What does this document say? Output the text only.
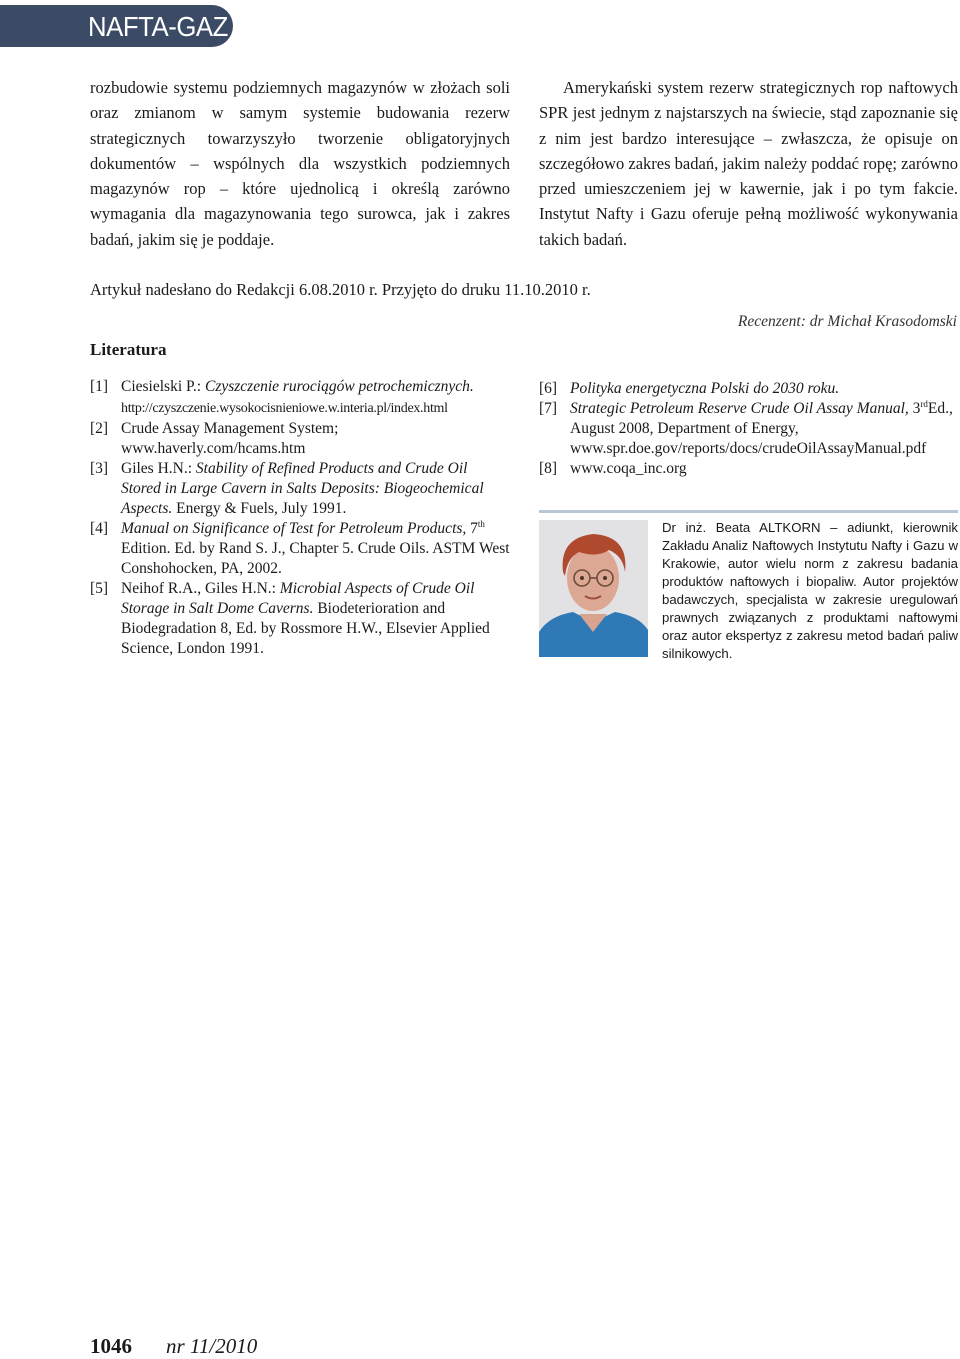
NAFTA-GAZ
rozbudowie systemu podziemnych magazynów w złożach soli oraz zmianom w samym systemie budowania rezerw strategicznych towarzyszyło tworzenie obligatoryjnych dokumentów – wspólnych dla wszystkich podziemnych magazynów rop – które ujednolicą i określą zarówno wymagania dla magazynowania tego surowca, jak i zakres badań, jakim się je poddaje.
Amerykański system rezerw strategicznych rop naftowych SPR jest jednym z najstarszych na świecie, stąd zapoznanie się z nim jest bardzo interesujące – zwłaszcza, że opisuje on szczegółowo zakres badań, jakim należy poddać ropę; zarówno przed umieszczeniem jej w kawernie, jak i po tym fakcie. Instytut Nafty i Gazu oferuje pełną możliwość wykonywania takich badań.
Artykuł nadesłano do Redakcji 6.08.2010 r. Przyjęto do druku 11.10.2010 r.
Recenzent: dr Michał Krasodomski
Literatura
[1] Ciesielski P.: Czyszczenie rurociągów petrochemicznych. http://czyszczenie.wysokocisnieniowe.w.interia.pl/index.html
[2] Crude Assay Management System; www.haverly.com/hcams.htm
[3] Giles H.N.: Stability of Refined Products and Crude Oil Stored in Large Cavern in Salts Deposits: Biogeochemical Aspects. Energy & Fuels, July 1991.
[4] Manual on Significance of Test for Petroleum Products, 7th Edition. Ed. by Rand S. J., Chapter 5. Crude Oils. ASTM West Conshohocken, PA, 2002.
[5] Neihof R.A., Giles H.N.: Microbial Aspects of Crude Oil Storage in Salt Dome Caverns. Biodeterioration and Biodegradation 8, Ed. by Rossmore H.W., Elsevier Applied Science, London 1991.
[6] Polityka energetyczna Polski do 2030 roku.
[7] Strategic Petroleum Reserve Crude Oil Assay Manual, 3rdEd., August 2008, Department of Energy, www.spr.doe.gov/reports/docs/crudeOilAssayManual.pdf
[8] www.coqa_inc.org
Dr inż. Beata ALTKORN – adiunkt, kierownik Zakładu Analiz Naftowych Instytutu Nafty i Gazu w Krakowie, autor wielu norm z zakresu badania produktów naftowych i biopaliw. Autor projektów badawczych, specjalista w zakresie uregulowań prawnych związanych z produktami naftowymi oraz autor ekspertyz z zakresu metod badań paliw silnikowych.
1046 nr 11/2010
